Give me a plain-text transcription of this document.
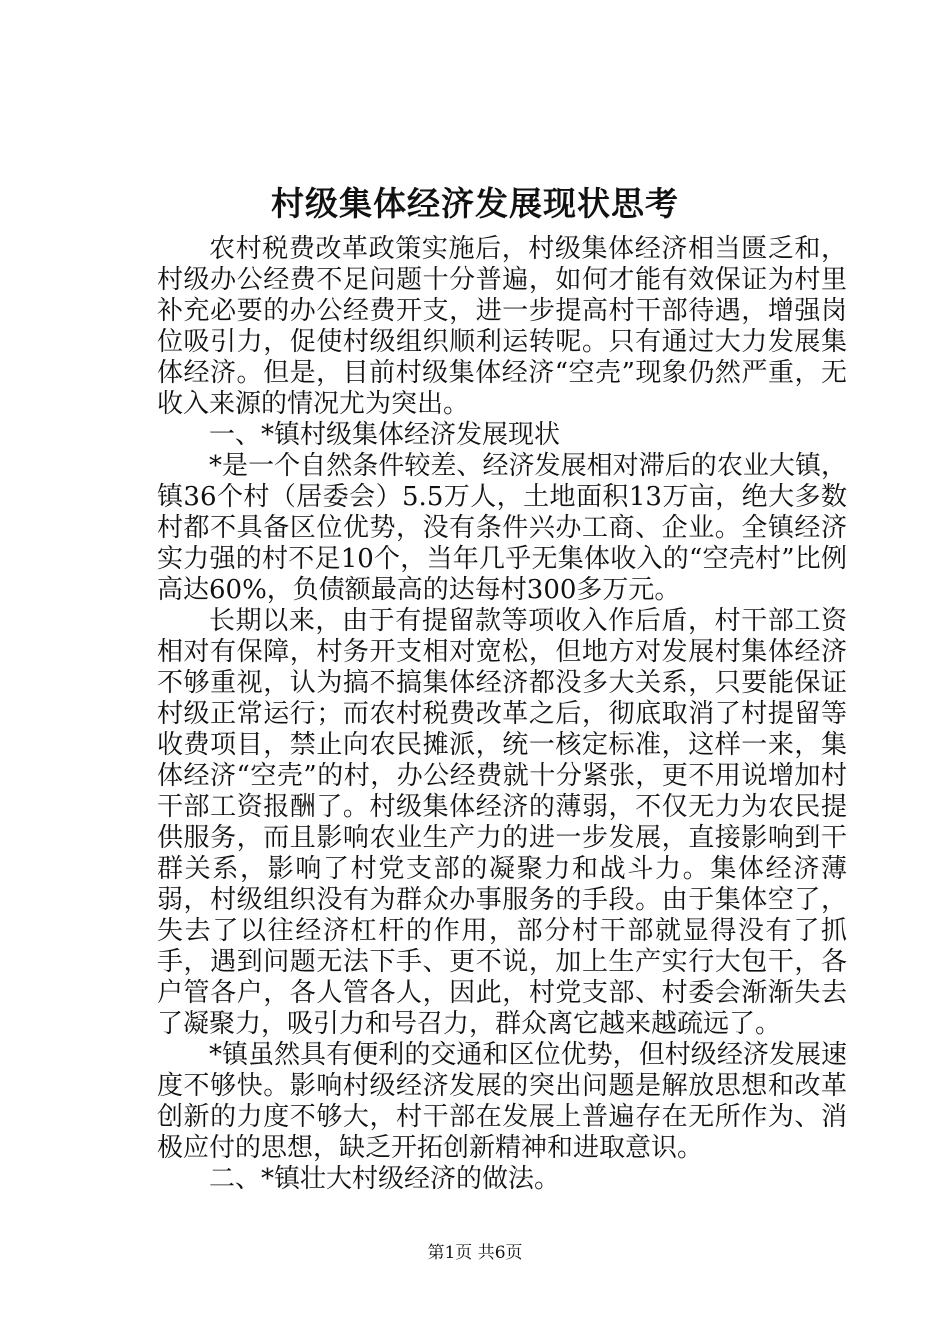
村级集体经济发展现状思考

农村税费改革政策实施后，村级集体经济相当匮乏和，村级办公经费不足问题十分普遍，如何才能有效保证为村里补充必要的办公经费开支，进一步提高村干部待遇，增强岗位吸引力，促使村级组织顺利运转呢。只有通过大力发展集体经济。但是，目前村级集体经济“空壳”现象仍然严重，无收入来源的情况尤为突出。

一、*镇村级集体经济发展现状

*是一个自然条件较差、经济发展相对滞后的农业大镇，镇36个村（居委会）5.5万人，土地面积13万亩，绝大多数村都不具备区位优势，没有条件兴办工商、企业。全镇经济实力强的村不足10个，当年几乎无集体收入的“空壳村”比例高达60%，负债额最高的达每村300多万元。

长期以来，由于有提留款等项收入作后盾，村干部工资相对有保障，村务开支相对宽松，但地方对发展村集体经济不够重视，认为搞不搞集体经济都没多大关系，只要能保证村级正常运行；而农村税费改革之后，彻底取消了村提留等收费项目，禁止向农民摊派，统一核定标准，这样一来，集体经济“空壳”的村，办公经费就十分紧张，更不用说增加村干部工资报酬了。村级集体经济的薄弱，不仅无力为农民提供服务，而且影响农业生产力的进一步发展，直接影响到干群关系，影响了村党支部的凝聚力和战斗力。集体经济薄弱，村级组织没有为群众办事服务的手段。由于集体空了，失去了以往经济杠杆的作用，部分村干部就显得没有了抓手，遇到问题无法下手、更不说，加上生产实行大包干，各户管各户，各人管各人，因此，村党支部、村委会渐渐失去了凝聚力，吸引力和号召力，群众离它越来越疏远了。

*镇虽然具有便利的交通和区位优势，但村级经济发展速度不够快。影响村级经济发展的突出问题是解放思想和改革创新的力度不够大，村干部在发展上普遍存在无所作为、消极应付的思想，缺乏开拓创新精神和进取意识。

二、*镇壮大村级经济的做法。

第1页 共6页
